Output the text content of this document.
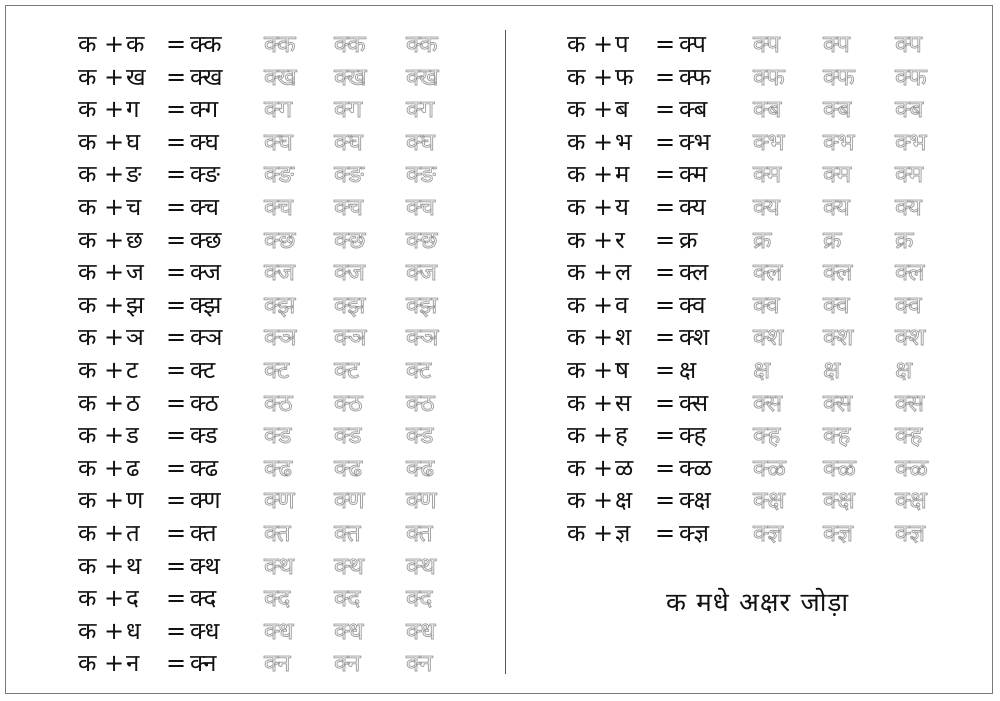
क + क = क्क क्क क्क क्क
क + ख = क्ख क्ख क्ख क्ख
क + ग = क्ग क्ग क्ग क्ग
क + घ = क्घ क्घ क्घ क्घ
क + ङ = क्ङ क्ङ क्ङ क्ङ
क + च = क्च क्च क्च क्च
क + छ = क्छ क्छ क्छ क्छ
क + ज = क्ज क्ज क्ज क्ज
क + झ = क्झ क्झ क्झ क्झ
क + ञ = क्ञ क्ञ क्ञ क्ञ
क + ट = क्ट क्ट क्ट क्ट
क + ठ = क्ठ क्ठ क्ठ क्ठ
क + ड = क्ड क्ड क्ड क्ड
क + ढ = क्ढ क्ढ क्ढ क्ढ
क + ण = क्ण क्ण क्ण क्ण
क + त = क्त क्त क्त क्त
क + थ = क्थ क्थ क्थ क्थ
क + द = क्द क्द क्द क्द
क + ध = क्ध क्ध क्ध क्ध
क + न = क्न क्न क्न क्न
क + प = क्प क्प क्प क्प
क + फ = क्फ क्फ क्फ क्फ
क + ब = क्ब क्ब क्ब क्ब
क + भ = क्भ क्भ क्भ क्भ
क + म = क्म क्म क्म क्म
क + य = क्य क्य क्य क्य
क + र = क्र क्र क्र क्र
क + ल = क्ल क्ल क्ल क्ल
क + व = क्व क्व क्व क्व
क + श = क्श क्श क्श क्श
क + ष = क्ष क्ष क्ष क्ष
क + स = क्स क्स क्स क्स
क + ह = क्ह क्ह क्ह क्ह
क + ळ = क्ळ क्ळ क्ळ क्ळ
क + क्ष = क्क्ष क्क्ष क्क्ष क्क्ष
क + ज्ञ = क्ज्ञ क्ज्ञ क्ज्ञ क्ज्ञ
क मधे अक्षर जोड़ा
